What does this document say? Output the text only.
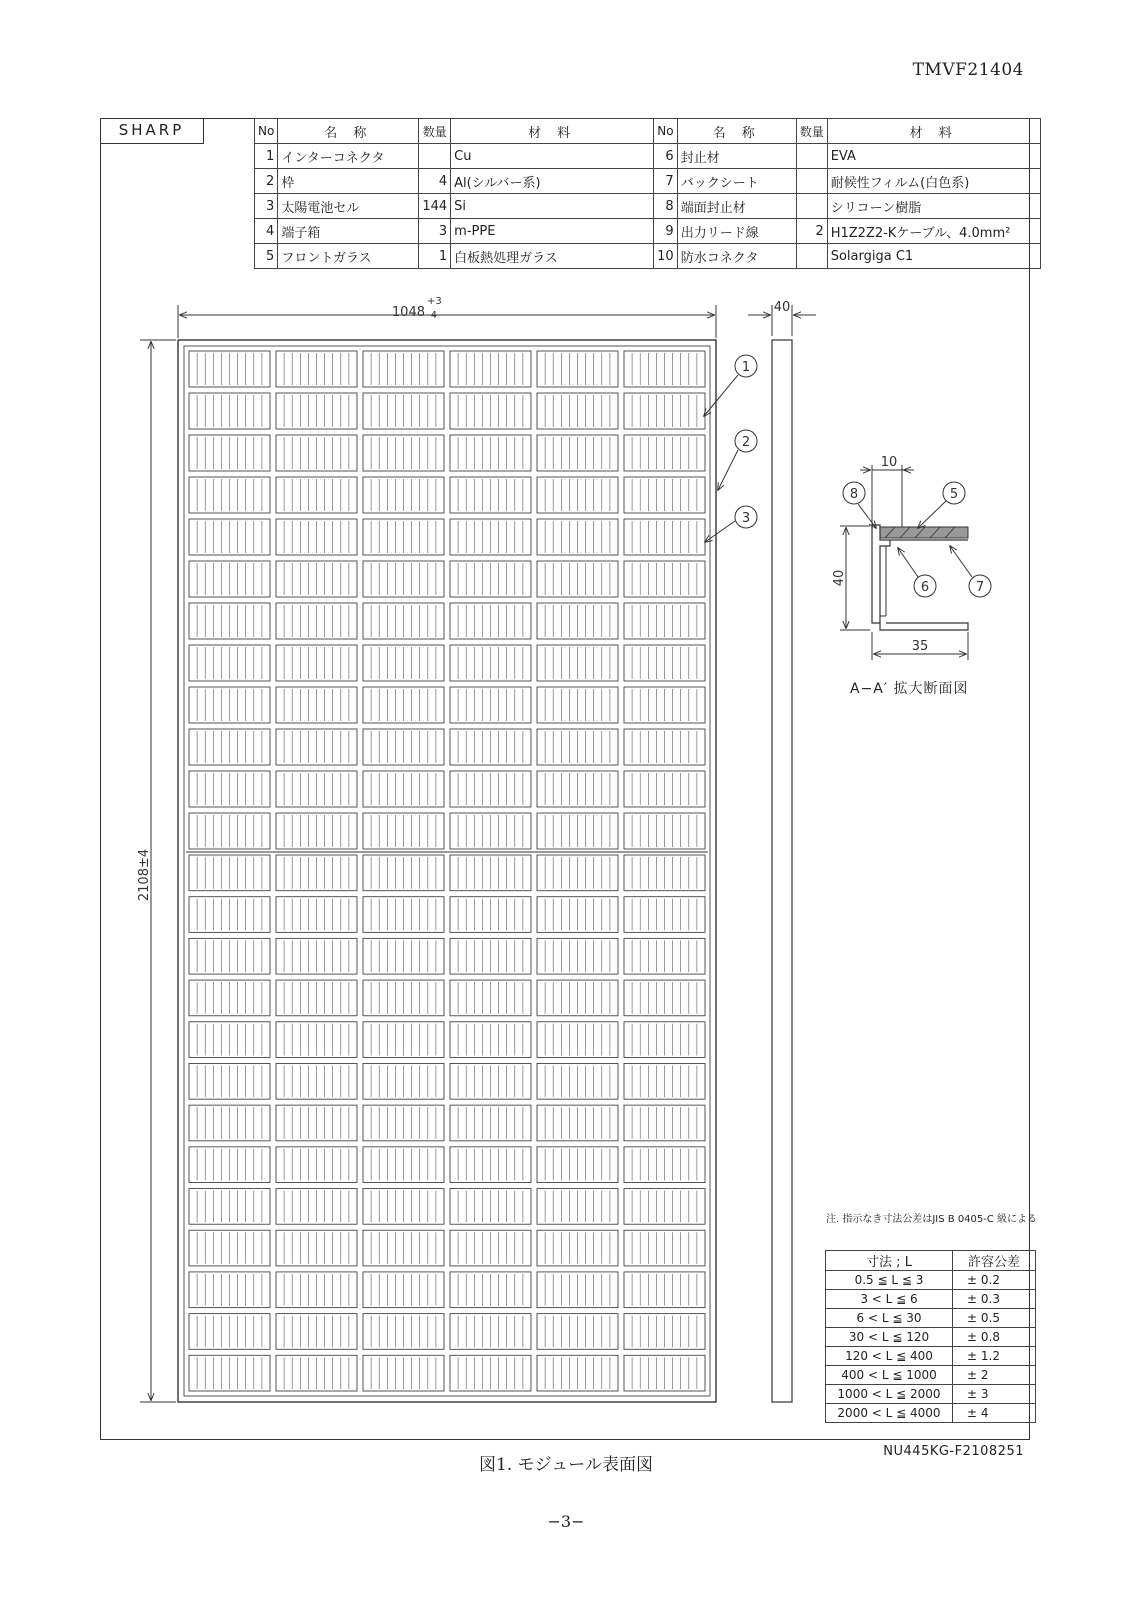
TMVF21404
SHARP	No	名 称	数量	材 料	No	名 称	数量	材 料
1	インターコネクタ		Cu	6	封止材		EVA
2	枠	4	Al(シルバー系)	7	バックシート		耐候性フィルム(白色系)
3	太陽電池セル	144	Si	8	端面封止材		シリコーン樹脂
4	端子箱	3	m-PPE	9	出力リード線	2	H1Z2Z2-Kケーブル、4.0mm²
5	フロントガラス	1	白板熱処理ガラス	10	防水コネクタ		Solargiga C1
1048
+3
-4
2108±4
40
1
2
3
10
40
35
8	5
6	7
A−A′ 拡大断面図
注. 指示なき寸法公差はJIS B 0405-C 級による
寸法 ; L	許容公差
0.5 ≦ L ≦ 3	± 0.2
3 < L ≦ 6	± 0.3
6 < L ≦ 30	± 0.5
30 < L ≦ 120	± 0.8
120 < L ≦ 400	± 1.2
400 < L ≦ 1000	± 2
1000 < L ≦ 2000	± 3
2000 < L ≦ 4000	± 4
NU445KG-F2108251
図1. モジュール表面図
−3−
